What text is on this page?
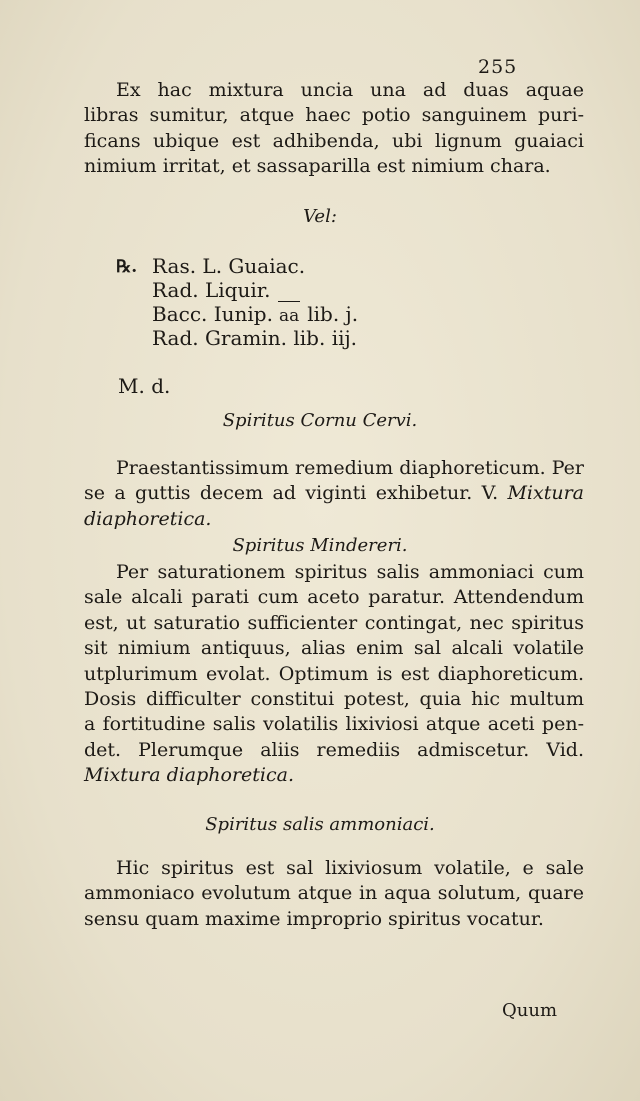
255
Ex hac mixtura uncia una ad duas aquae
libras sumitur, atque haec potio sanguinem puri-
ficans ubique est adhibenda, ubi lignum guaiaci
nimium irritat, et sassaparilla est nimium chara.
Vel:
℞. Ras. L. Guaiac.
Rad. Liquir.
Bacc. Iunip. aa lib. j.
Rad. Gramin. lib. iij.
M. d.
Spiritus Cornu Cervi.
Praestantissimum remedium diaphoreticum. Per
se a guttis decem ad viginti exhibetur. V. Mixtura
diaphoretica.
Spiritus Mindereri.
Per saturationem spiritus salis ammoniaci cum
sale alcali parati cum aceto paratur. Attendendum
est, ut saturatio sufficienter contingat, nec spiritus
sit nimium antiquus, alias enim sal alcali volatile
utplurimum evolat. Optimum is est diaphoreticum.
Dosis difficulter constitui potest, quia hic multum
a fortitudine salis volatilis lixiviosi atque aceti pen-
det. Plerumque aliis remediis admiscetur. Vid.
Mixtura diaphoretica.
Spiritus salis ammoniaci.
Hic spiritus est sal lixiviosum volatile, e sale
ammoniaco evolutum atque in aqua solutum, quare
sensu quam maxime improprio spiritus vocatur.
Quum
